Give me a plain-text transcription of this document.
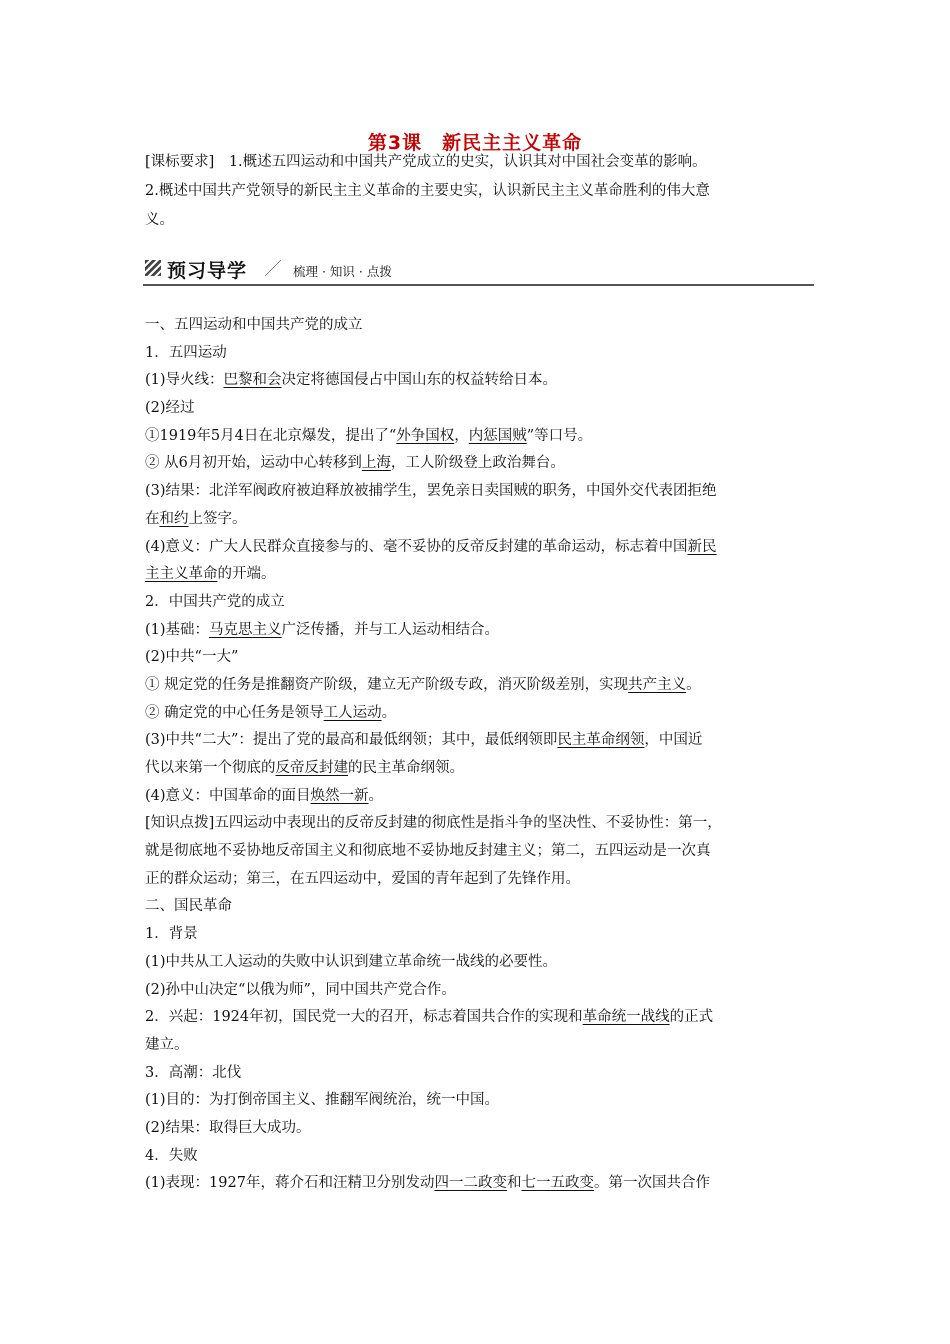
第3课　新民主主义革命
[课标要求]　1.概述五四运动和中国共产党成立的史实，认识其对中国社会变革的影响。
2.概述中国共产党领导的新民主主义革命的主要史实，认识新民主主义革命胜利的伟大意
义。
预习导学	梳理 · 知识 · 点拨
一、五四运动和中国共产党的成立
1．五四运动
(1)导火线：巴黎和会决定将德国侵占中国山东的权益转给日本。
(2)经过
①1919年5月4日在北京爆发，提出了“外争国权，内惩国贼”等口号。
② 从6月初开始，运动中心转移到上海，工人阶级登上政治舞台。
(3)结果：北洋军阀政府被迫释放被捕学生，罢免亲日卖国贼的职务，中国外交代表团拒绝
在和约上签字。
(4)意义：广大人民群众直接参与的、毫不妥协的反帝反封建的革命运动，标志着中国新民
主主义革命的开端。
2．中国共产党的成立
(1)基础：马克思主义广泛传播，并与工人运动相结合。
(2)中共“一大”
① 规定党的任务是推翻资产阶级，建立无产阶级专政，消灭阶级差别，实现共产主义。
② 确定党的中心任务是领导工人运动。
(3)中共“二大”：提出了党的最高和最低纲领；其中，最低纲领即民主革命纲领，中国近
代以来第一个彻底的反帝反封建的民主革命纲领。
(4)意义：中国革命的面目焕然一新。
[知识点拨]五四运动中表现出的反帝反封建的彻底性是指斗争的坚决性、不妥协性：第一，
就是彻底地不妥协地反帝国主义和彻底地不妥协地反封建主义；第二，五四运动是一次真
正的群众运动；第三，在五四运动中，爱国的青年起到了先锋作用。
二、国民革命
1．背景
(1)中共从工人运动的失败中认识到建立革命统一战线的必要性。
(2)孙中山决定“以俄为师”，同中国共产党合作。
2．兴起：1924年初，国民党一大的召开，标志着国共合作的实现和革命统一战线的正式
建立。
3．高潮：北伐
(1)目的：为打倒帝国主义、推翻军阀统治，统一中国。
(2)结果：取得巨大成功。
4．失败
(1)表现：1927年，蒋介石和汪精卫分别发动四一二政变和七一五政变。第一次国共合作
